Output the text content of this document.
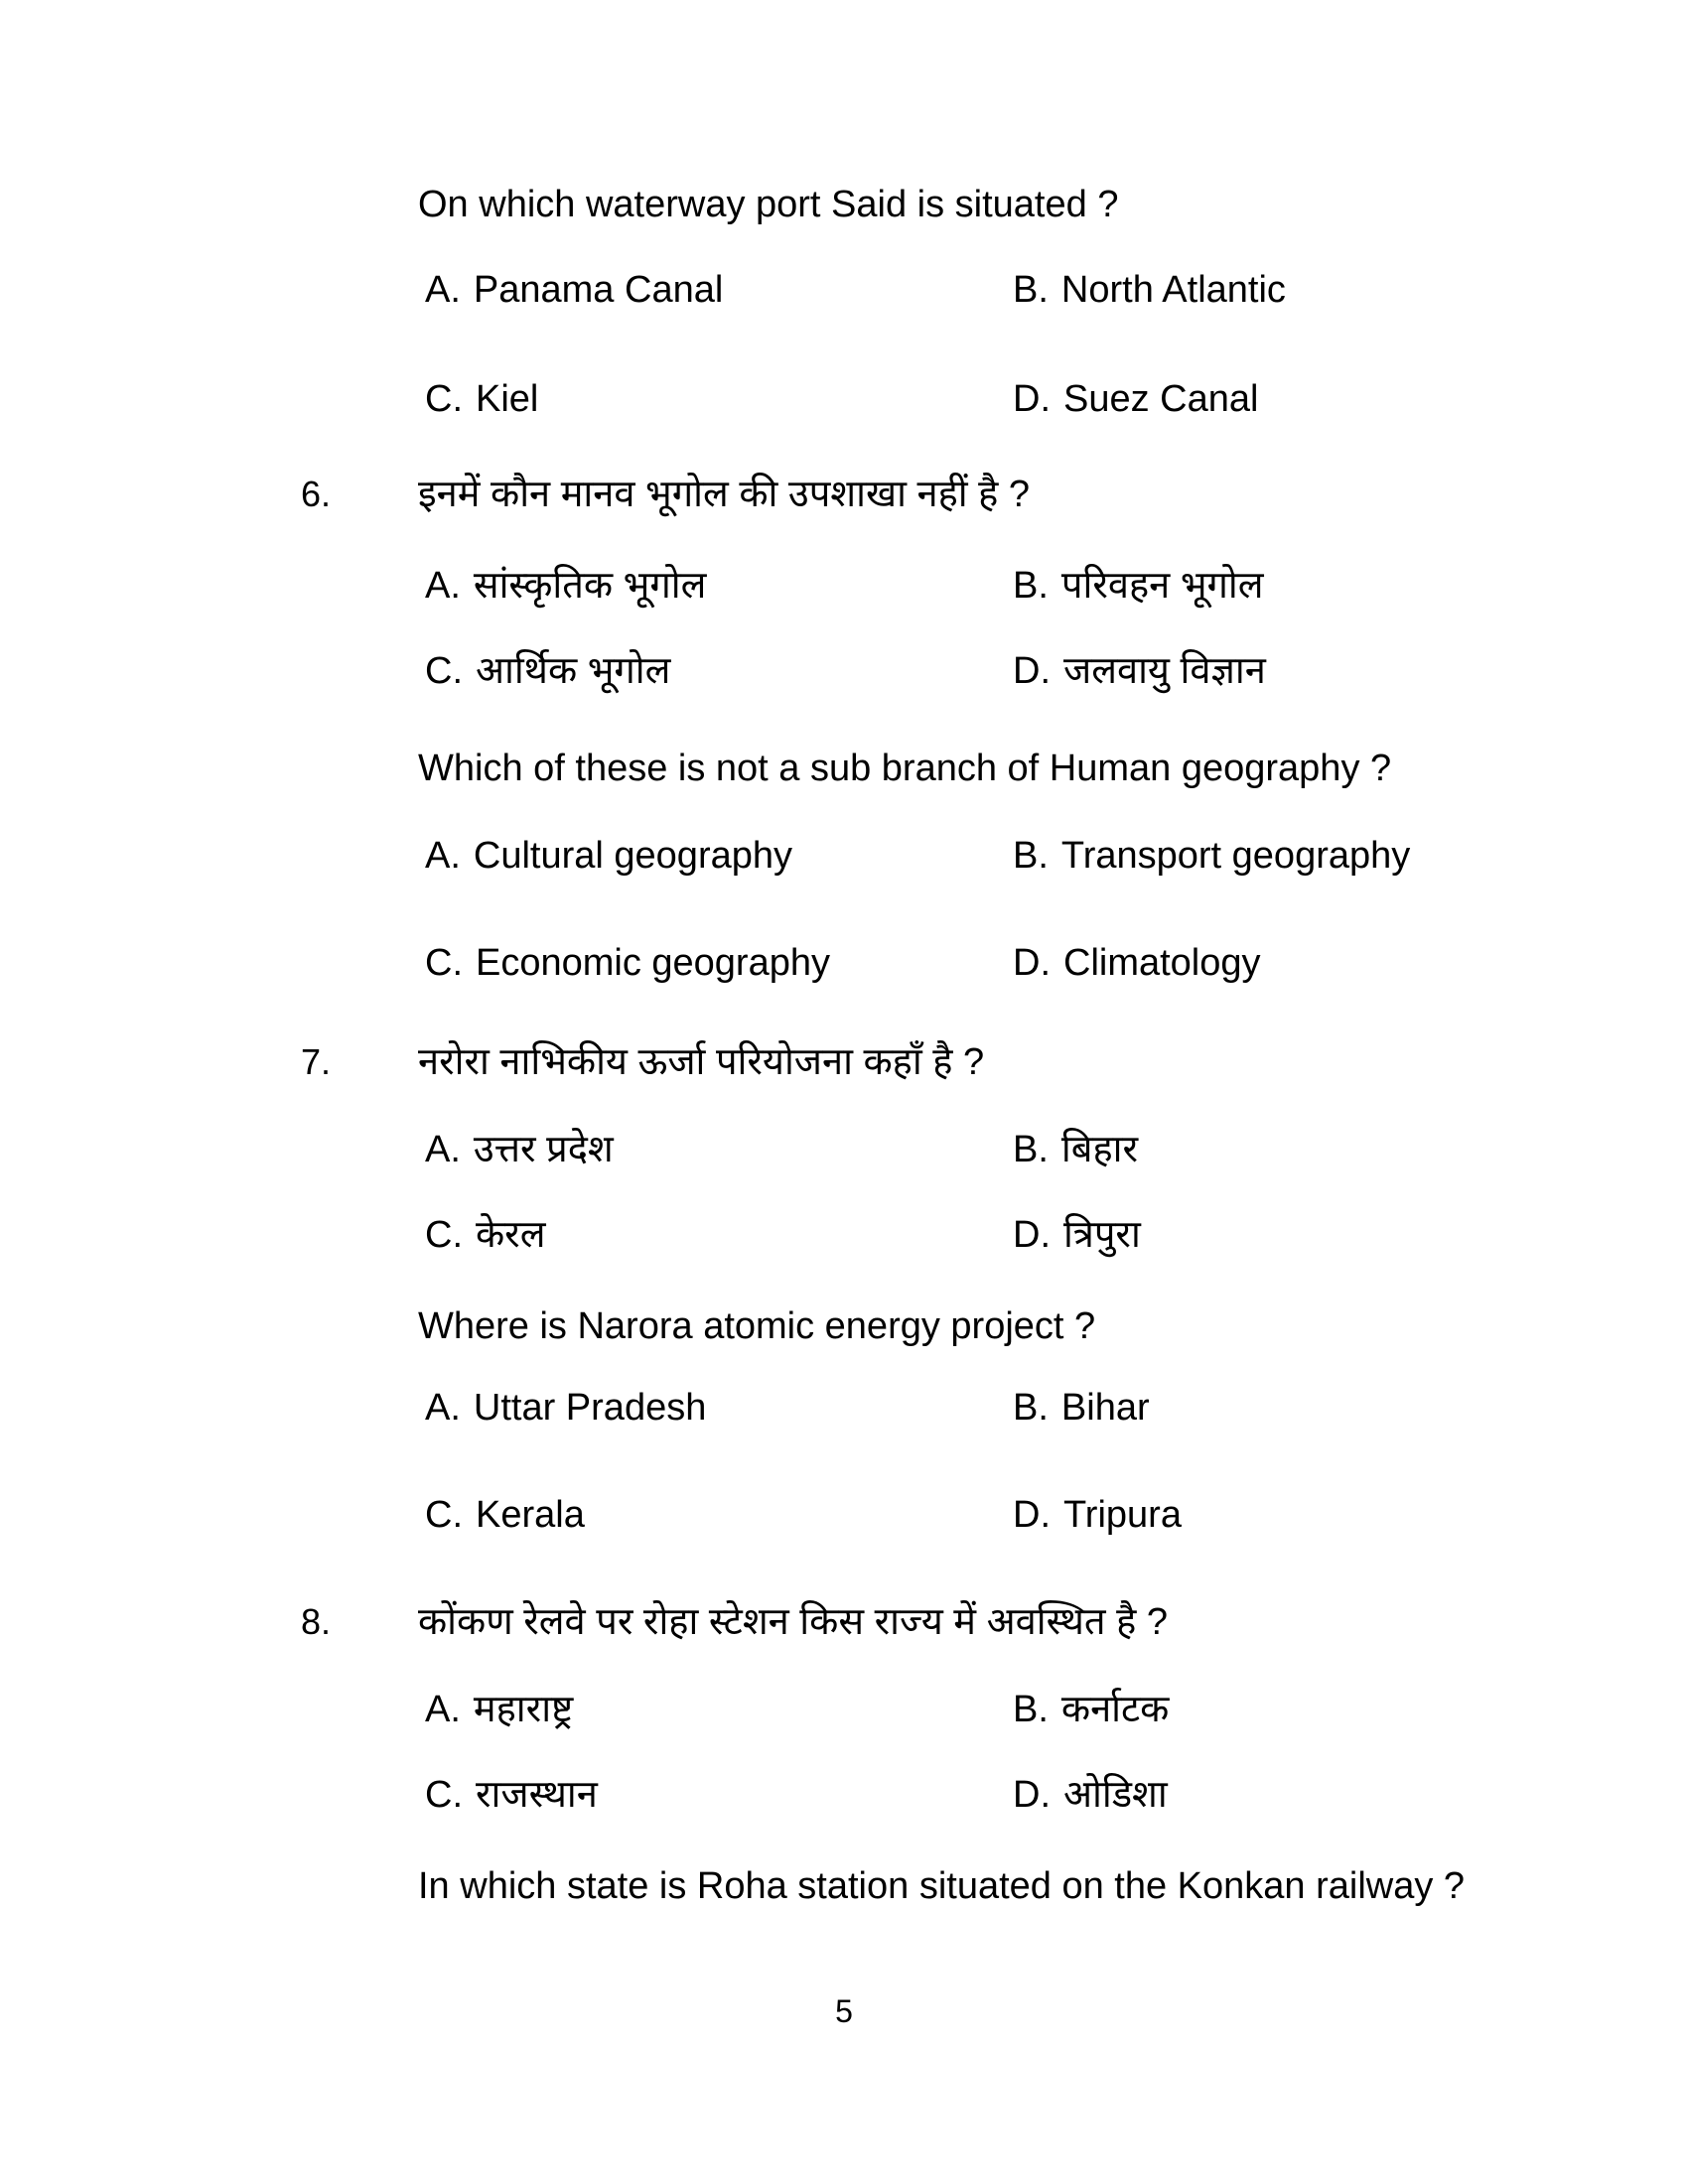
On which waterway port Said is situated ?
A. Panama Canal	B. North Atlantic
C. Kiel	D. Suez Canal
6. इनमें कौन मानव भूगोल की उपशाखा नहीं है ?
A. सांस्कृतिक भूगोल	B. परिवहन भूगोल
C. आर्थिक भूगोल	D. जलवायु विज्ञान
Which of these is not a sub branch of Human geography ?
A. Cultural geography	B. Transport geography
C. Economic geography	D. Climatology
7. नरोरा नाभिकीय ऊर्जा परियोजना कहाँ है ?
A. उत्तर प्रदेश	B. बिहार
C. केरल	D. त्रिपुरा
Where is Narora atomic energy project ?
A. Uttar Pradesh	B. Bihar
C. Kerala	D. Tripura
8. कोंकण रेलवे पर रोहा स्टेशन किस राज्य में अवस्थित है ?
A. महाराष्ट्र	B. कर्नाटक
C. राजस्थान	D. ओडिशा
In which state is Roha station situated on the Konkan railway ?
5
